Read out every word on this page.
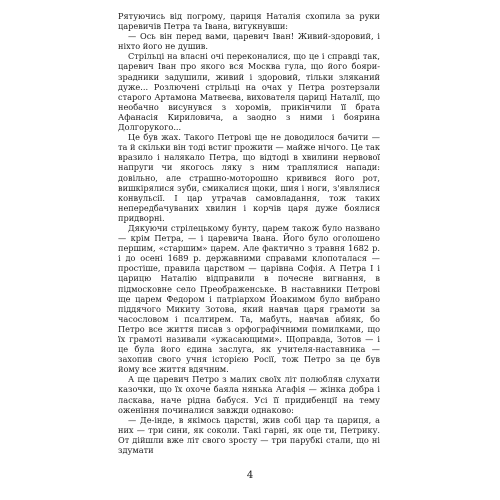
Рятуючись від погрому, цариця Наталія схопила за руки царевичів Петра та Івана, вигукнувши:

— Ось він перед вами, царевич Іван! Живий-здоровий, і ніхто його не душив.

Стрільці на власні очі переконалися, що це і справді так, царевич Іван про якого вся Москва гула, що його бояри-зрадники задушили, живий і здоровий, тільки зляканий дуже... Розлючені стрільці на очах у Петра розтерзали старого Артамона Матвеєва, вихователя цариці Наталії, що необачно висунувся з хоромів, прикінчили її брата Афанасія Кириловича, а заодно з ними і боярина Долгорукого...

Це був жах. Такого Петрові ще не доводилося бачити — та й скільки він тоді встиг прожити — майже нічого. Це так вразило і налякало Петра, що відтоді в хвилини нервової напруги чи якогось ляку з ним траплялися напади: довільно, але страшно-моторошно кривився його рот, вишкірялися зуби, смикалися щоки, шия і ноги, з'являлися конвульсії. І цар утрачав самовладання, тож таких непередбачуваних хвилин і корчів цаpя дуже боялися придворні.

Дякуючи стрілецькому бунту, царем також було названо — крім Петра, — і царевича Івана. Його було оголошено першим, «старшим» царем. Але фактично з травня 1682 р. і до осені 1689 р. державними справами клопоталася — простіше, правила царством — царівна Софія. А Петра І і царицю Наталію відправили в почесне вигнання, в підмосковне село Преображенське. В наставники Петрові ще царем Федором і патріархом Йоакимом було вибрано піддячого Микиту Зотова, який навчав царя грамоти за часословом і псалтирем. Та, мабуть, навчав абияк, бо Петро все життя писав з орфографічними помилками, що їх грамоті називали «ужасающими». Щоправда, Зотов — і це була його єдина заслуга, як учителя-наставника — захопив свого учня історією Росії, тож Петро за це був йому все життя вдячним.

А ще царевич Петро з малих своїх літ полюбляв слухати казочки, що їх охоче баяла нянька Агафія — жінка добра і ласкава, наче рідна бабуся. Усі її придибенції на тему оженіння починалися завжди однаково:

— Де-інде, в якімось царстві, жив собі цар та цариця, а них — три сини, як соколи. Такі гарні, як оце ти, Петрику. От дійшли вже літ свого зросту — три парубкі стали, що ні здумати

4
